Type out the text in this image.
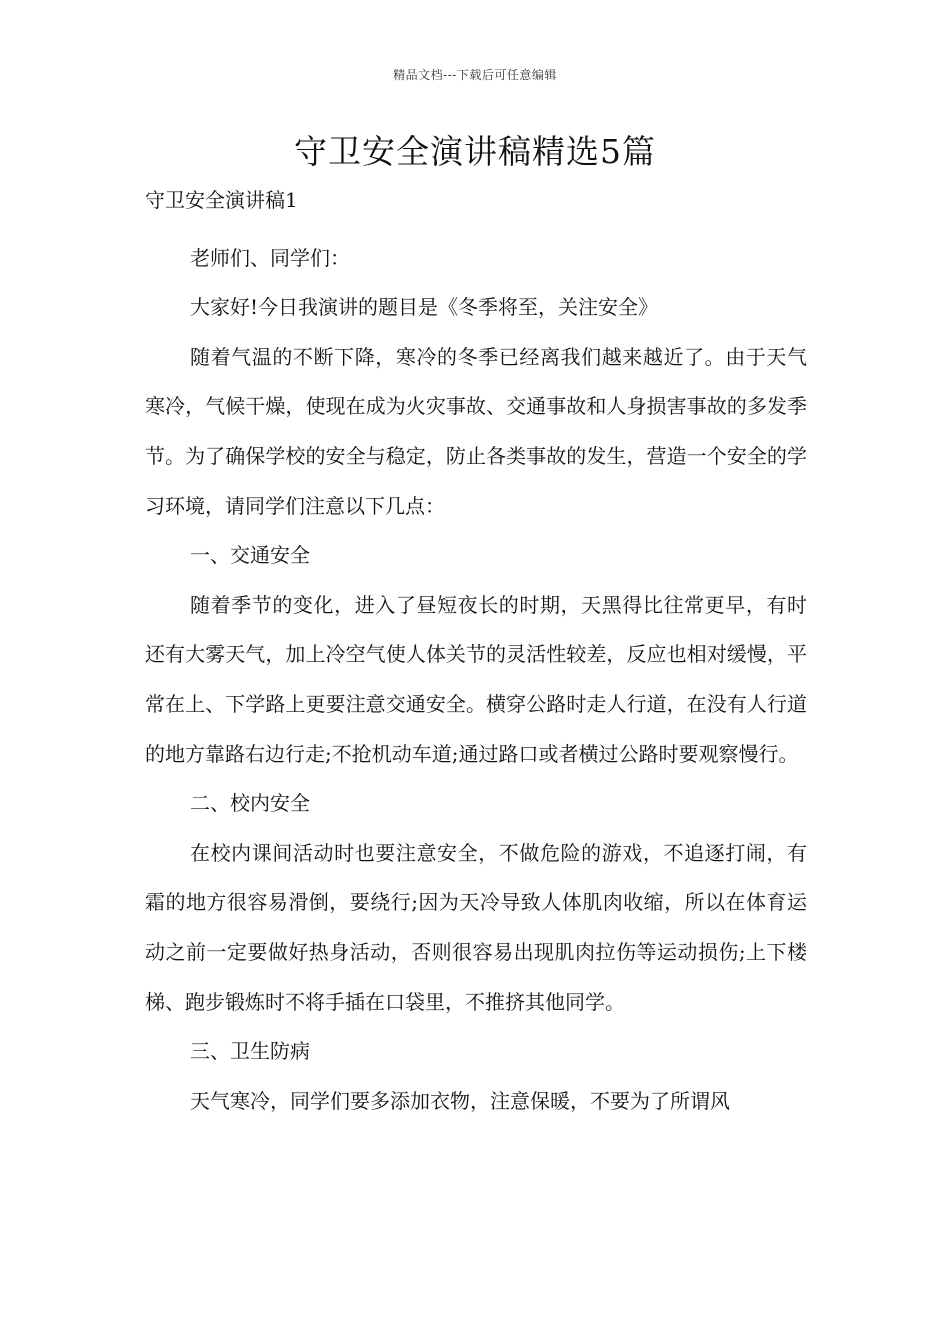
精品文档---下载后可任意编辑
守卫安全演讲稿精选5篇

守卫安全演讲稿1

老师们、同学们：

大家好!今日我演讲的题目是《冬季将至，关注安全》

随着气温的不断下降，寒冷的冬季已经离我们越来越近了。由于天气寒冷，气候干燥，使现在成为火灾事故、交通事故和人身损害事故的多发季节。为了确保学校的安全与稳定，防止各类事故的发生，营造一个安全的学习环境，请同学们注意以下几点：

一、交通安全

随着季节的变化，进入了昼短夜长的时期，天黑得比往常更早，有时还有大雾天气，加上冷空气使人体关节的灵活性较差，反应也相对缓慢，平常在上、下学路上更要注意交通安全。横穿公路时走人行道，在没有人行道的地方靠路右边行走;不抢机动车道;通过路口或者横过公路时要观察慢行。

二、校内安全

在校内课间活动时也要注意安全，不做危险的游戏，不追逐打闹，有霜的地方很容易滑倒，要绕行;因为天冷导致人体肌肉收缩，所以在体育运动之前一定要做好热身活动，否则很容易出现肌肉拉伤等运动损伤;上下楼梯、跑步锻炼时不将手插在口袋里，不推挤其他同学。

三、卫生防病

天气寒冷，同学们要多添加衣物，注意保暖，不要为了所谓风
